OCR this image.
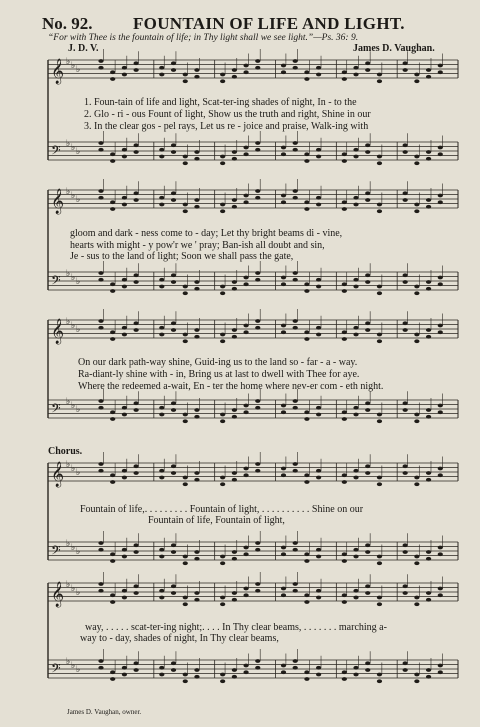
𝄞 ♭ ♭ ♭
𝄢 ♭ ♭ ♭
𝄞 ♭ ♭ ♭
𝄢 ♭ ♭ ♭
𝄞 ♭ ♭ ♭
𝄢 ♭ ♭ ♭
𝄞 ♭ ♭ ♭
𝄢 ♭ ♭ ♭
𝄞 ♭ ♭ ♭
𝄢 ♭ ♭ ♭
No. 92. FOUNTAIN OF LIFE AND LIGHT.
“For with Thee is the fountain of life; in Thy light shall we see light.”—Ps. 36: 9.
J. D. V.	James D. Vaughan.
1. Foun-tain of life and light, Scat-ter-ing shades of night, In - to the
2. Glo - ri - ous Fount of light, Show us the truth and right, Shine in our
3. In the clear gos - pel rays, Let us re - joice and praise, Walk-ing with
gloom and dark - ness come to - day; Let thy bright beams di - vine,
hearts with might - y pow'r we ' pray; Ban-ish all doubt and sin,
Je - sus to the land of light; Soon we shall pass the gate,
On our dark path-way shine, Guid-ing us to the land so - far - a - way.
Ra-diant-ly shine with - in, Bring us at last to dwell with Thee for aye.
Where the redeemed a-wait, En - ter the home where nev-er com - eth night.
Chorus.
Fountain of life,. . . . . . . . . Fountain of light, . . . . . . . . . . Shine on our
Fountain of life, Fountain of light,
way, . . . . . scat-ter-ing night;. . . . In Thy clear beams, . . . . . . . marching a-
way to - day, shades of night, In Thy clear beams,
James D. Vaughan, owner.
